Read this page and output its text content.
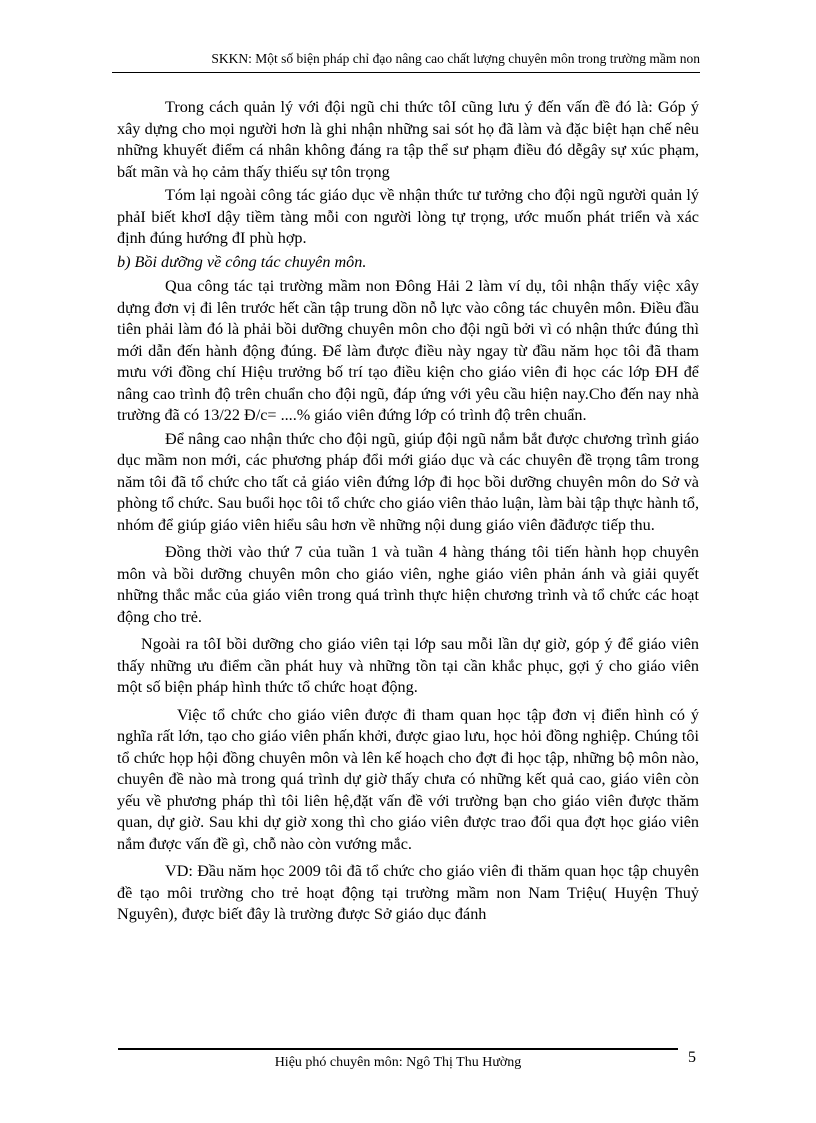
SKKN: Một số biện pháp chỉ đạo nâng cao chất lượng chuyên môn trong trường mầm non

Trong cách quản lý với đội ngũ chi thức tôI cũng lưu ý đến vấn đề đó là: Góp ý xây dựng cho mọi người hơn là ghi nhận những sai sót họ đã làm và đặc biệt hạn chế nêu những khuyết điểm cá nhân không đáng ra tập thể sư phạm điều đó dễgây sự xúc phạm, bất mãn và họ cảm thấy thiếu sự tôn trọng

Tóm lại ngoài công tác giáo dục về nhận thức tư tưởng cho đội ngũ người quản lý phảI biết khơI dậy tiềm tàng mỗi con người lòng tự trọng, ước muốn phát triển và xác định đúng hướng đI phù hợp.

b) Bồi dưỡng về công tác chuyên môn.

Qua công tác tại trường mầm non Đông Hải 2 làm ví dụ, tôi nhận thấy việc xây dựng đơn vị đi lên trước hết cần tập trung dồn nỗ lực vào công tác chuyên môn. Điều đầu tiên phải làm đó là phải bồi dưỡng chuyên môn cho đội ngũ bởi vì có nhận thức đúng thì mới dẫn đến hành động đúng. Để làm được điều này ngay từ đầu năm học tôi đã tham mưu với đồng chí Hiệu trưởng bố trí tạo điều kiện cho giáo viên đi học các lớp ĐH để nâng cao trình độ trên chuẩn cho đội ngũ, đáp ứng với yêu cầu hiện nay.Cho đến nay nhà trường đã có 13/22 Đ/c= ....% giáo viên đứng lớp có trình độ trên chuẩn.

Để nâng cao nhận thức cho đội ngũ, giúp đội ngũ nắm bắt được chương trình giáo dục mầm non mới, các phương pháp đổi mới giáo dục và các chuyên đề trọng tâm trong năm tôi đã tổ chức cho tất cả giáo viên đứng lớp đi học bồi dưỡng chuyên môn do Sở và phòng tổ chức. Sau buổi học tôi tổ chức cho giáo viên thảo luận, làm bài tập thực hành tổ, nhóm để giúp giáo viên hiểu sâu hơn về những nội dung giáo viên đãđược tiếp thu.

Đồng thời vào thứ 7 của tuần 1 và tuần 4 hàng tháng tôi tiến hành họp chuyên môn và bồi dưỡng chuyên môn cho giáo viên, nghe giáo viên phản ánh và giải quyết những thắc mắc của giáo viên trong quá trình thực hiện chương trình và tổ chức các hoạt động cho trẻ.

Ngoài ra tôI bồi dưỡng cho giáo viên tại lớp sau mỗi lần dự giờ, góp ý để giáo viên thấy những ưu điểm cần phát huy và những tồn tại cần khắc phục, gợi ý cho giáo viên một số biện pháp hình thức tổ chức hoạt động.

Việc tổ chức cho giáo viên được đi tham quan học tập đơn vị điển hình có ý nghĩa rất lớn, tạo cho giáo viên phấn khởi, được giao lưu, học hỏi đồng nghiệp. Chúng tôi tổ chức họp hội đồng chuyên môn và lên kế hoạch cho đợt đi học tập, những bộ môn nào, chuyên đề nào mà trong quá trình dự giờ thấy chưa có những kết quả cao, giáo viên còn yếu về phương pháp thì tôi liên hệ,đặt vấn đề với trường bạn cho giáo viên được thăm quan, dự giờ. Sau khi dự giờ xong thì cho giáo viên được trao đổi qua đợt học giáo viên nắm được vấn đề gì, chỗ nào còn vướng mắc.

VD: Đầu năm học 2009 tôi đã tổ chức cho giáo viên đi thăm quan học tập chuyên đề tạo môi trường cho trẻ hoạt động tại trường mầm non Nam Triệu( Huyện Thuỷ Nguyên), được biết đây là trường được Sở giáo dục đánh

Hiệu phó chuyên môn: Ngô Thị Thu Hường	5
